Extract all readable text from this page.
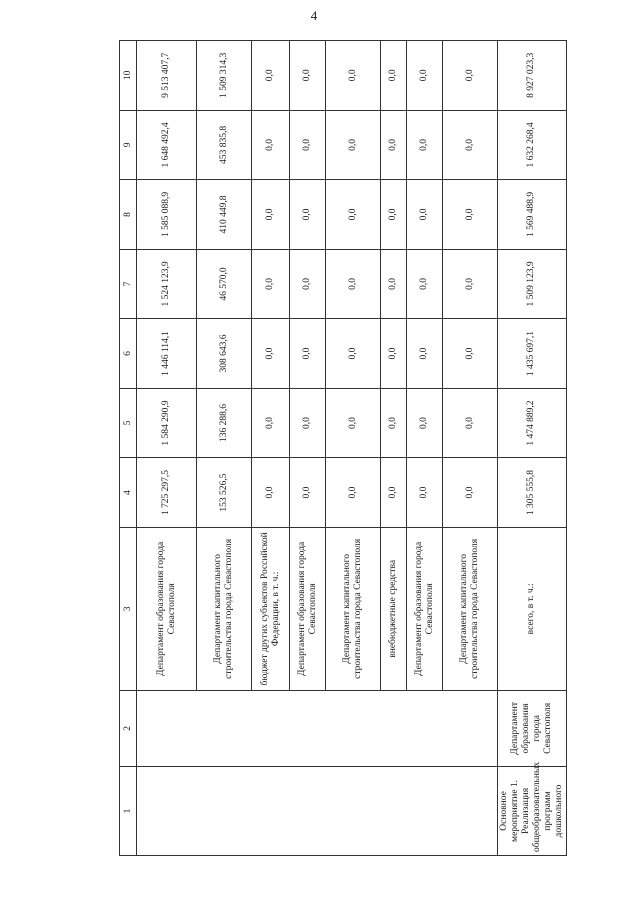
4
1	2	3	4	5	6	7	8	9	10
		Департамент образования города Севастополя	1 725 297,5	1 584 290,9	1 446 114,1	1 524 123,9	1 585 088,9	1 648 492,4	9 513 407,7
		Департамент капитального строительства города Севастополя	153 526,5	136 288,6	308 643,6	46 570,0	410 449,8	453 835,8	1 509 314,3
		бюджет других субъектов Российской Федерации, в т. ч.:	0,0	0,0	0,0	0,0	0,0	0,0	0,0
		Департамент образования города Севастополя	0,0	0,0	0,0	0,0	0,0	0,0	0,0
		Департамент капитального строительства города Севастополя	0,0	0,0	0,0	0,0	0,0	0,0	0,0
		внебюджетные средства	0,0	0,0	0,0	0,0	0,0	0,0	0,0
		Департамент образования города Севастополя	0,0	0,0	0,0	0,0	0,0	0,0	0,0
		Департамент капитального строительства города Севастополя	0,0	0,0	0,0	0,0	0,0	0,0	0,0
Основное мероприятие 1. Реализация общеобразовательных программ дошкольного	Департамент образования города Севастополя	всего, в т. ч.:	1 305 555,8	1 474 889,2	1 435 697,1	1 509 123,9	1 569 488,9	1 632 268,4	8 927 023,3
